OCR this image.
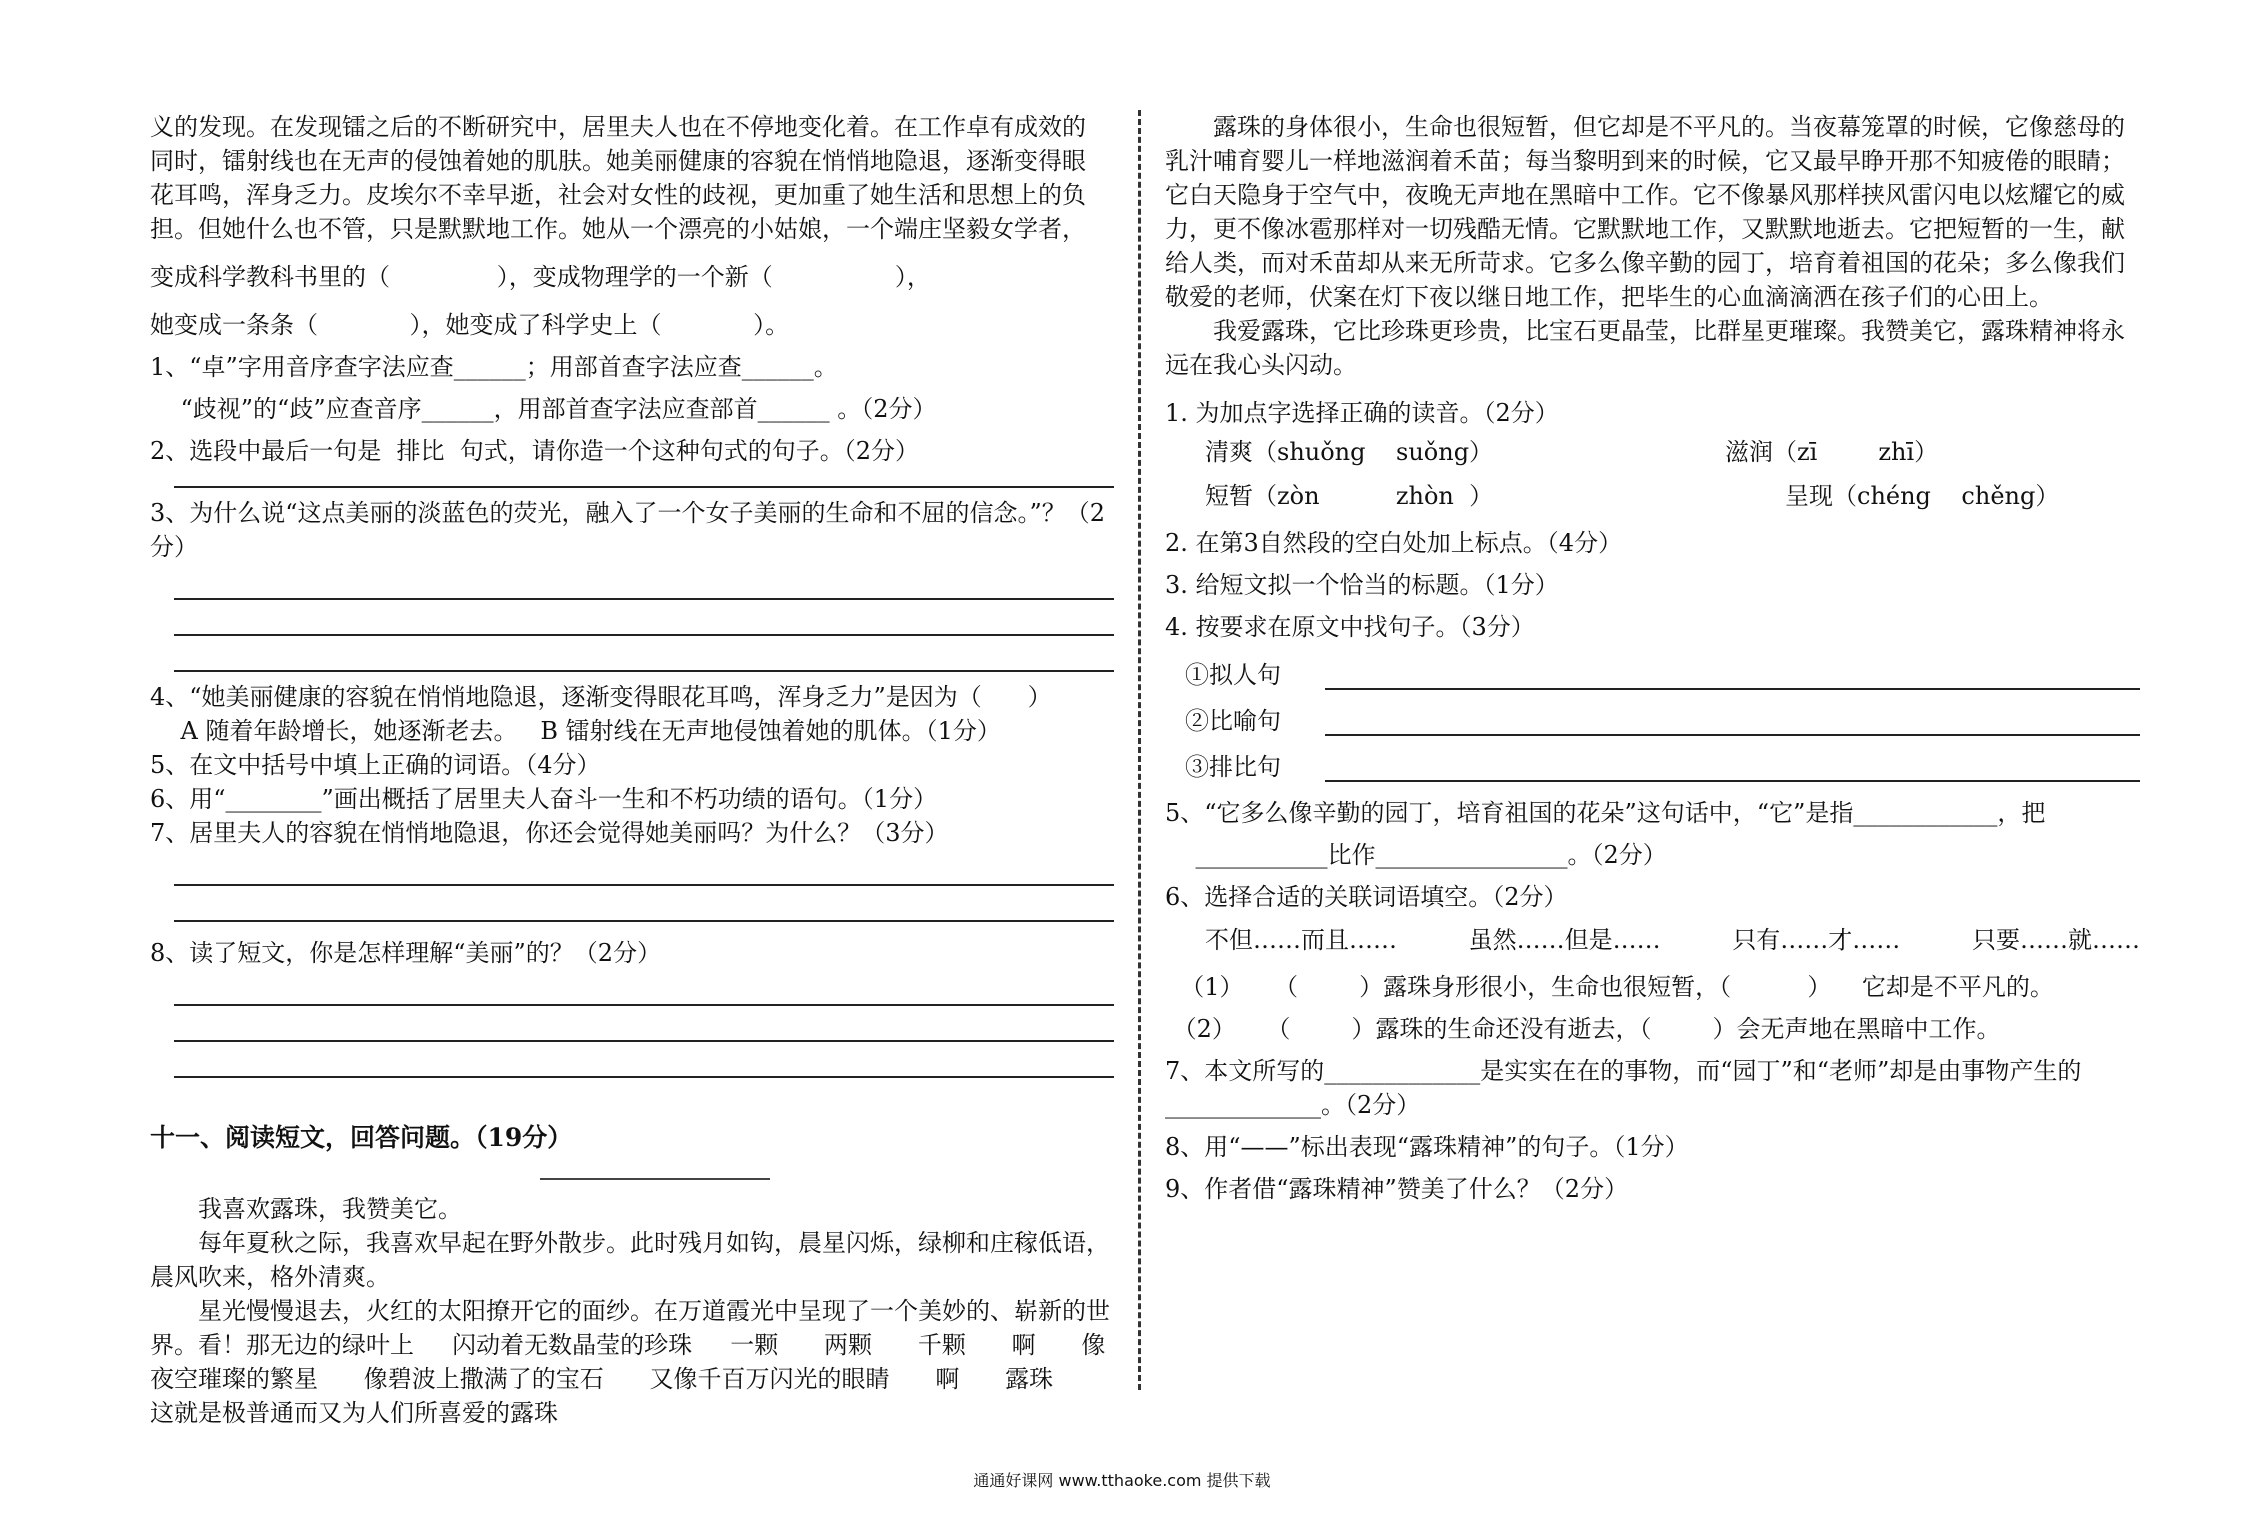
义的发现。在发现镭之后的不断研究中，居里夫人也在不停地变化着。在工作卓有成效的

同时，镭射线也在无声的侵蚀着她的肌肤。她美丽健康的容貌在悄悄地隐退，逐渐变得眼

花耳鸣，浑身乏力。皮埃尔不幸早逝，社会对女性的歧视，更加重了她生活和思想上的负

担。但她什么也不管，只是默默地工作。她从一个漂亮的小姑娘，一个端庄坚毅女学者，

变成科学教科书里的（              ），变成物理学的一个新（                ），

她变成一条条（            ），她变成了科学史上（            ）。

1、“卓”字用音序查字法应查______；用部首查字法应查______。

“歧视”的“歧”应查音序______，用部首查字法应查部首______ 。（2分）

2、选段中最后一句是  排比  句式，请你造一个这种句式的句子。（2分）

3、为什么说“这点美丽的淡蓝色的荧光，融入了一个女子美丽的生命和不屈的信念。”？（2分）

4、“她美丽健康的容貌在悄悄地隐退，逐渐变得眼花耳鸣，浑身乏力”是因为（      ）

A 随着年龄增长，她逐渐老去。   B 镭射线在无声地侵蚀着她的肌体。（1分）

5、在文中括号中填上正确的词语。（4分）

6、用“________”画出概括了居里夫人奋斗一生和不朽功绩的语句。（1分）

7、居里夫人的容貌在悄悄地隐退，你还会觉得她美丽吗？为什么？（3分）

8、读了短文，你是怎样理解“美丽”的？（2分）

十一、阅读短文，回答问题。（19分）

我喜欢露珠，我赞美它。

每年夏秋之际，我喜欢早起在野外散步。此时残月如钩，晨星闪烁，绿柳和庄稼低语，晨风吹来，格外清爽。

星光慢慢退去，火红的太阳撩开它的面纱。在万道霞光中呈现了一个美妙的、崭新的世界。看！那无边的绿叶上     闪动着无数晶莹的珍珠     一颗      两颗      千颗      啊      像夜空璀璨的繁星      像碧波上撒满了的宝石      又像千百万闪光的眼睛      啊      露珠      这就是极普通而又为人们所喜爱的露珠

露珠的身体很小，生命也很短暂，但它却是不平凡的。当夜幕笼罩的时候，它像慈母的乳汁哺育婴儿一样地滋润着禾苗；每当黎明到来的时候，它又最早睁开那不知疲倦的眼睛；它白天隐身于空气中，夜晚无声地在黑暗中工作。它不像暴风那样挟风雷闪电以炫耀它的威力，更不像冰雹那样对一切残酷无情。它默默地工作，又默默地逝去。它把短暂的一生，献给人类，而对禾苗却从来无所苛求。它多么像辛勤的园丁，培育着祖国的花朵；多么像我们敬爱的老师，伏案在灯下夜以继日地工作，把毕生的心血滴滴洒在孩子们的心田上。

我爱露珠，它比珍珠更珍贵，比宝石更晶莹，比群星更璀璨。我赞美它，露珠精神将永远在我心头闪动。

1. 为加点字选择正确的读音。（2分）

清爽（shuǒng    suǒng）	滋润（zī        zhī）
短暂（zòn          zhòn  ）	呈现（chéng    chěng）

2. 在第3自然段的空白处加上标点。（4分）

3. 给短文拟一个恰当的标题。（1分）

4. 按要求在原文中找句子。（3分）

①拟人句
②比喻句
③排比句

5、“它多么像辛勤的园丁，培育祖国的花朵”这句话中，“它”是指____________，把

___________比作________________。（2分）

6、选择合适的关联词语填空。（2分）

不但……而且……	虽然……但是……	只有……才……	只要……就……

（1）    （        ）露珠身形很小，生命也很短暂，（          ）    它却是不平凡的。

（2）    （        ）露珠的生命还没有逝去，（        ）会无声地在黑暗中工作。

7、本文所写的_____________是实实在在的事物，而“园丁”和“老师”却是由事物产生的_____________。（2分）

8、用“——”标出表现“露珠精神”的句子。（1分）

9、作者借“露珠精神”赞美了什么？（2分）

通通好课网 www.tthaoke.com 提供下载
